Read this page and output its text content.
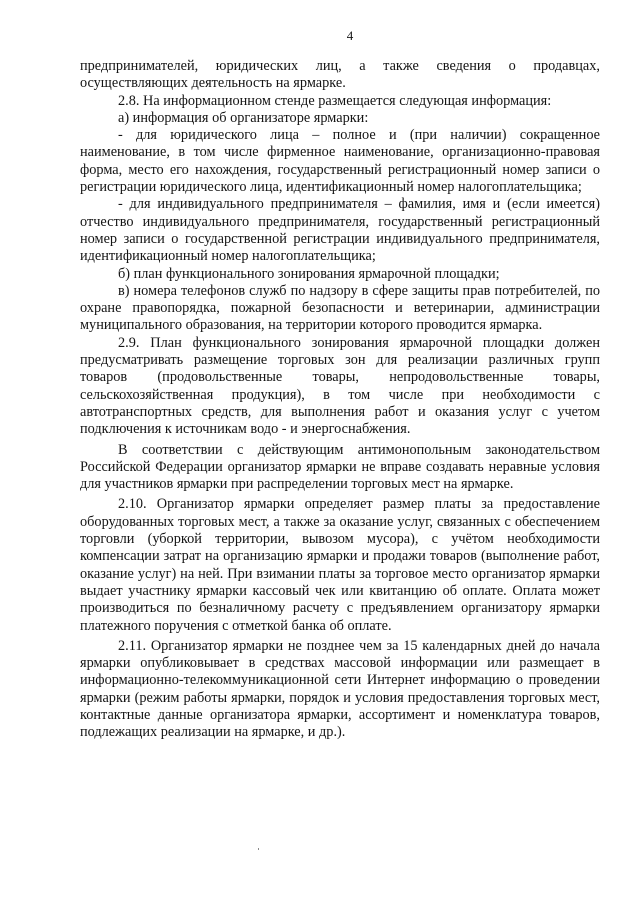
4

предпринимателей, юридических лиц, а также сведения о продавцах, осуществляющих деятельность на ярмарке.

2.8. На информационном стенде размещается следующая информация:

а) информация об организаторе ярмарки:

- для юридического лица – полное и (при наличии) сокращенное наименование, в том числе фирменное наименование, организационно-правовая форма, место его нахождения, государственный регистрационный номер записи о регистрации юридического лица, идентификационный номер налогоплательщика;

- для индивидуального предпринимателя – фамилия, имя и (если имеется) отчество индивидуального предпринимателя, государственный регистрационный номер записи о государственной регистрации индивидуального предпринимателя, идентификационный номер налогоплательщика;

б) план функционального зонирования ярмарочной площадки;

в) номера телефонов служб по надзору в сфере защиты прав потребителей, по охране правопорядка, пожарной безопасности и ветеринарии, администрации муниципального образования, на территории которого проводится ярмарка.

2.9. План функционального зонирования ярмарочной площадки должен предусматривать размещение торговых зон для реализации различных групп товаров (продовольственные товары, непродовольственные товары, сельскохозяйственная продукция), в том числе при необходимости с автотранспортных средств, для выполнения работ и оказания услуг с учетом подключения к источникам водо - и энергоснабжения.

В соответствии с действующим антимонопольным законодательством Российской Федерации организатор ярмарки не вправе создавать неравные условия для участников ярмарки при распределении торговых мест на ярмарке.

2.10. Организатор ярмарки определяет размер платы за предоставление оборудованных торговых мест, а также за оказание услуг, связанных с обеспечением торговли (уборкой территории, вывозом мусора), с учётом необходимости компенсации затрат на организацию ярмарки и продажи товаров (выполнение работ, оказание услуг) на ней. При взимании платы за торговое место организатор ярмарки выдает участнику ярмарки кассовый чек или квитанцию об оплате. Оплата может производиться по безналичному расчету с предъявлением организатору ярмарки платежного поручения с отметкой банка об оплате.

2.11. Организатор ярмарки не позднее чем за 15 календарных дней до начала ярмарки опубликовывает в средствах массовой информации или размещает в информационно-телекоммуникационной сети Интернет информацию о проведении ярмарки (режим работы ярмарки, порядок и условия предоставления торговых мест, контактные данные организатора ярмарки, ассортимент и номенклатура товаров, подлежащих реализации на ярмарке, и др.).
